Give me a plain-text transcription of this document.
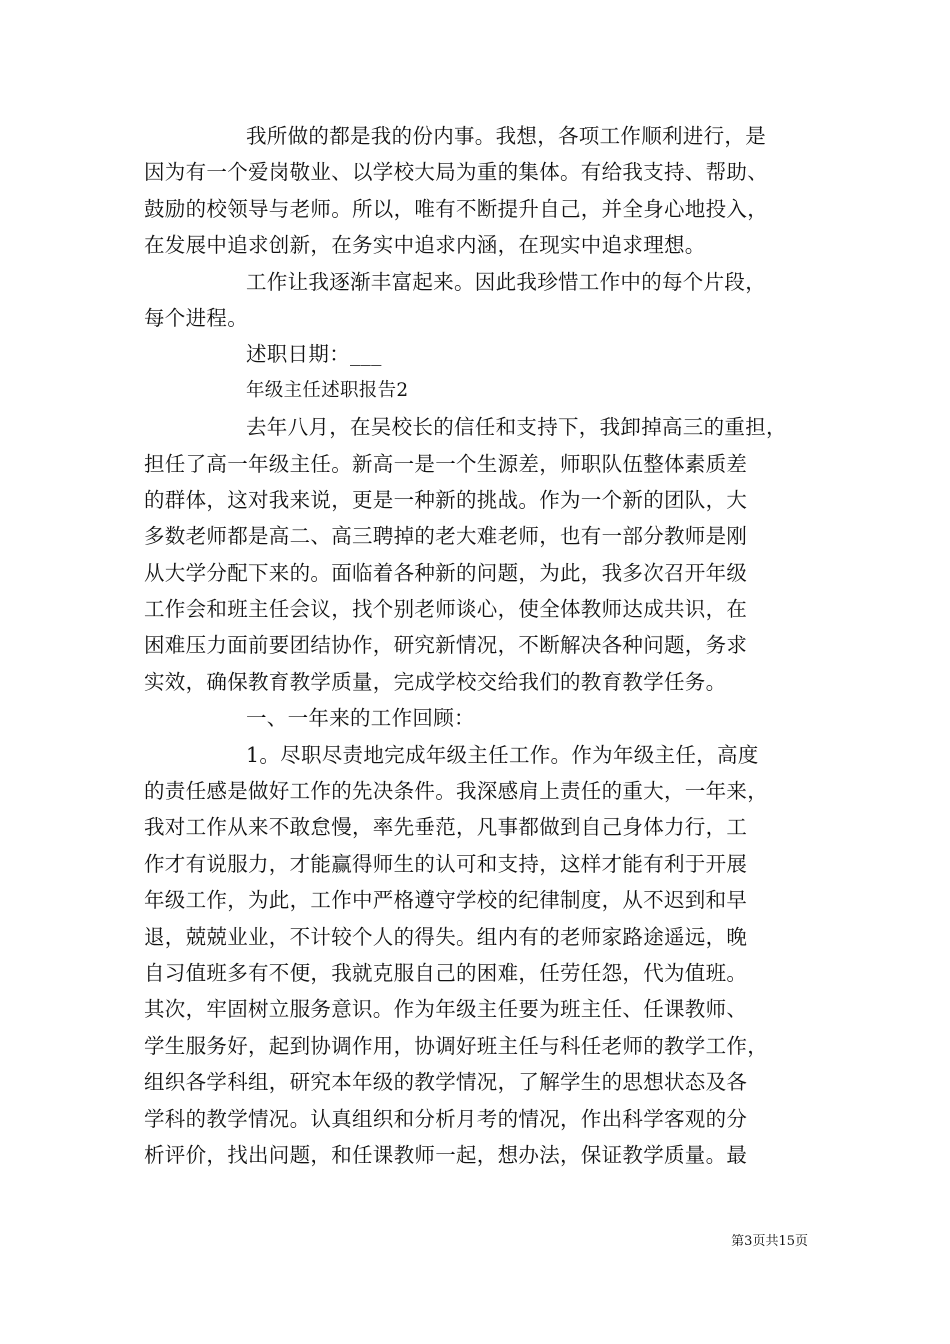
我所做的都是我的份内事。我想，各项工作顺利进行，是
因为有一个爱岗敬业、以学校大局为重的集体。有给我支持、帮助、
鼓励的校领导与老师。所以，唯有不断提升自己，并全身心地投入，
在发展中追求创新，在务实中追求内涵，在现实中追求理想。
工作让我逐渐丰富起来。因此我珍惜工作中的每个片段，
每个进程。
述职日期：___
年级主任述职报告2
去年八月，在吴校长的信任和支持下，我卸掉高三的重担，
担任了高一年级主任。新高一是一个生源差，师职队伍整体素质差
的群体，这对我来说，更是一种新的挑战。作为一个新的团队，大
多数老师都是高二、高三聘掉的老大难老师，也有一部分教师是刚
从大学分配下来的。面临着各种新的问题，为此，我多次召开年级
工作会和班主任会议，找个别老师谈心，使全体教师达成共识，在
困难压力面前要团结协作，研究新情况，不断解决各种问题，务求
实效，确保教育教学质量，完成学校交给我们的教育教学任务。
一、一年来的工作回顾：
1。尽职尽责地完成年级主任工作。作为年级主任，高度
的责任感是做好工作的先决条件。我深感肩上责任的重大，一年来，
我对工作从来不敢怠慢，率先垂范，凡事都做到自己身体力行，工
作才有说服力，才能赢得师生的认可和支持，这样才能有利于开展
年级工作，为此，工作中严格遵守学校的纪律制度，从不迟到和早
退，兢兢业业，不计较个人的得失。组内有的老师家路途遥远，晚
自习值班多有不便，我就克服自己的困难，任劳任怨，代为值班。
其次，牢固树立服务意识。作为年级主任要为班主任、任课教师、
学生服务好，起到协调作用，协调好班主任与科任老师的教学工作，
组织各学科组，研究本年级的教学情况，了解学生的思想状态及各
学科的教学情况。认真组织和分析月考的情况，作出科学客观的分
析评价，找出问题，和任课教师一起，想办法，保证教学质量。最
第3页共15页
